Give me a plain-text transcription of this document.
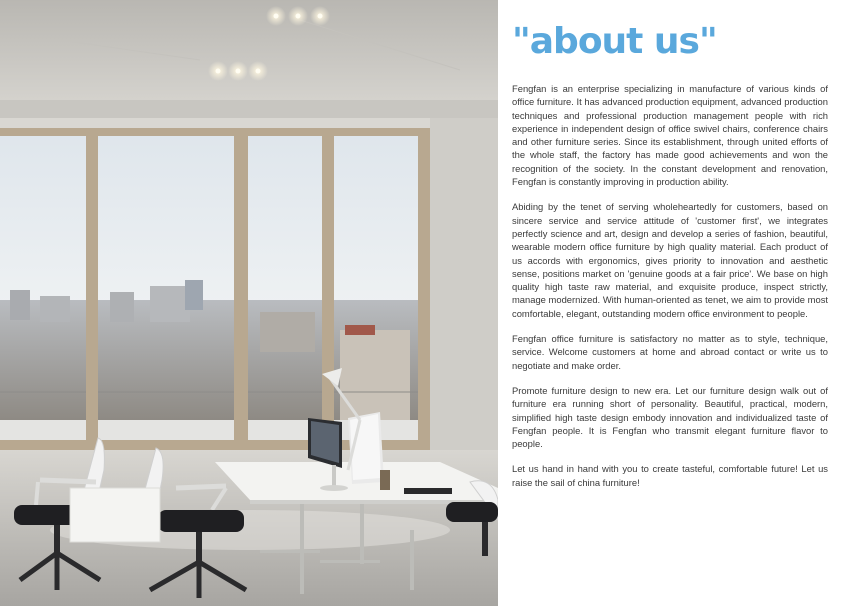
"about us"

Fengfan is an enterprise specializing in manufacture of various kinds of office furniture. It has advanced production equipment, advanced production techniques and professional production management people with rich experience in independent design of office swivel chairs, conference chairs and other furniture series. Since its establishment, through united efforts of the whole staff, the factory has made good achievements and won the recognition of the society. In the constant development and renovation, Fengfan is constantly improving in production ability.

Abiding by the tenet of serving wholeheartedly for customers, based on sincere service and service attitude of 'customer first', we integrates perfectly science and art, design and develop a series of fashion, beautiful, wearable modern office furniture by high quality material. Each product of us accords with ergonomics, gives priority to innovation and aesthetic sense, positions market on 'genuine goods at a fair price'. We base on high quality high taste raw material, and exquisite produce, inspect strictly, manage modernized. With human-oriented as tenet, we aim to provide most comfortable, elegant, outstanding modern office environment to people.

Fengfan office furniture is satisfactory no matter as to style, technique, service. Welcome customers at home and abroad contact or write us to negotiate and make order.

Promote furniture design to new era. Let our furniture design walk out of furniture era running short of personality. Beautiful, practical, modern, simplified high taste design embody innovation and individualized taste of Fengfan people. It is Fengfan who transmit elegant furniture flavor to people.

Let us hand in hand with you to create tasteful, comfortable future! Let us raise the sail of china furniture!
